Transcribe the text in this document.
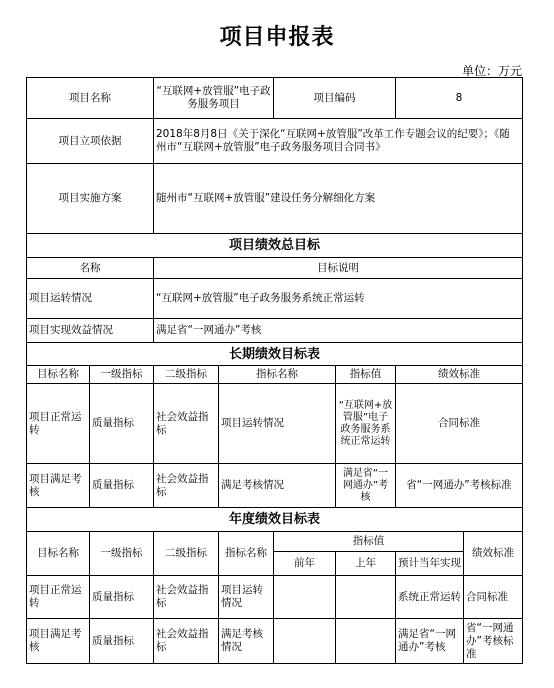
项目申报表
单位：万元
项目名称		“互联网+放管服”电子政务服务项目		项目编码		8	
项目立项依据		2018年8月8日《关于深化“互联网+放管服”改革工作专题会议的纪要》；《随州市“互联网+放管服”电子政务服务项目合同书》					
项目实施方案		随州市“互联网+放管服”建设任务分解细化方案					
项目绩效总目标							
名称		目标说明					
项目运转情况		“互联网+放管服”电子政务服务系统正常运转					
项目实现效益情况		满足省“一网通办”考核					
长期绩效目标表							
目标名称	一级指标	二级指标	指标名称		指标值	绩效标准	
项目正常运转	质量指标	社会效益指标	项目运转情况		“互联网+放管服”电子政务服务系统正常运转	合同标准	
项目满足考核	质量指标	社会效益指标	满足考核情况		满足省“一网通办”考核	省“一网通办”考核标准	
年度绩效目标表							
目标名称	一级指标	二级指标	指标名称	指标值			绩效标准
				前年	上年	预计当年实现	
项目正常运转	质量指标	社会效益指标	项目运转情况			系统正常运转	合同标准
项目满足考核	质量指标	社会效益指标	满足考核情况			满足省“一网通办”考核	省“一网通办”考核标准
